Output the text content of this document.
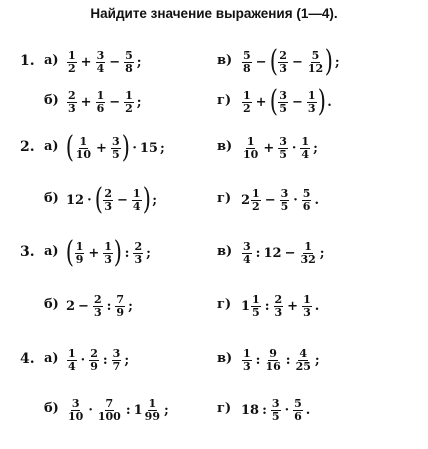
Найдите значение выражения (1—4).
1. $а) \frac{1}{2} + \frac{3}{4} - \frac{5}{8}$ ;	$в) \frac{5}{8}$ − ( $\frac{2}{3} - \frac{5}{12}$ ) ;
$б) \frac{2}{3} + \frac{1}{6} - \frac{1}{2}$ ;	$г) \frac{1}{2}$ + ( $\frac{3}{5} - \frac{1}{3}$ ) .
2. а) ( $\frac{1}{10} + \frac{3}{5}$ ) · 15 ;	$в) \frac{1}{10} + \frac{3}{5} \cdot \frac{1}{4}$ ;
б) 12 · ( $\frac{2}{3} - \frac{1}{4}$ ) ;	г) $2 \frac{1}{2} - \frac{3}{5} \cdot \frac{5}{6}$ .
3. а) ( $\frac{1}{9} + \frac{1}{3}$ ) : $\frac{2}{3}$ ;	$в) \frac{3}{4}$ : $12 - \frac{1}{32}$ ;
б) $2 - \frac{2}{3}$ : $\frac{7}{9}$ ;	г) $1 \frac{1}{5}$ : $\frac{2}{3} + \frac{1}{3}$ .
4. $а) \frac{1}{4} \cdot \frac{2}{9}$ : $\frac{3}{7}$ ;	$в) \frac{1}{3}$ : $\frac{9}{16}$ : $\frac{4}{25}$ ;
$б) \frac{3}{10} \cdot \frac{7}{100}$ : $1 \frac{1}{99}$ ;	г) 18 : $\frac{3}{5} \cdot \frac{5}{6}$ .
